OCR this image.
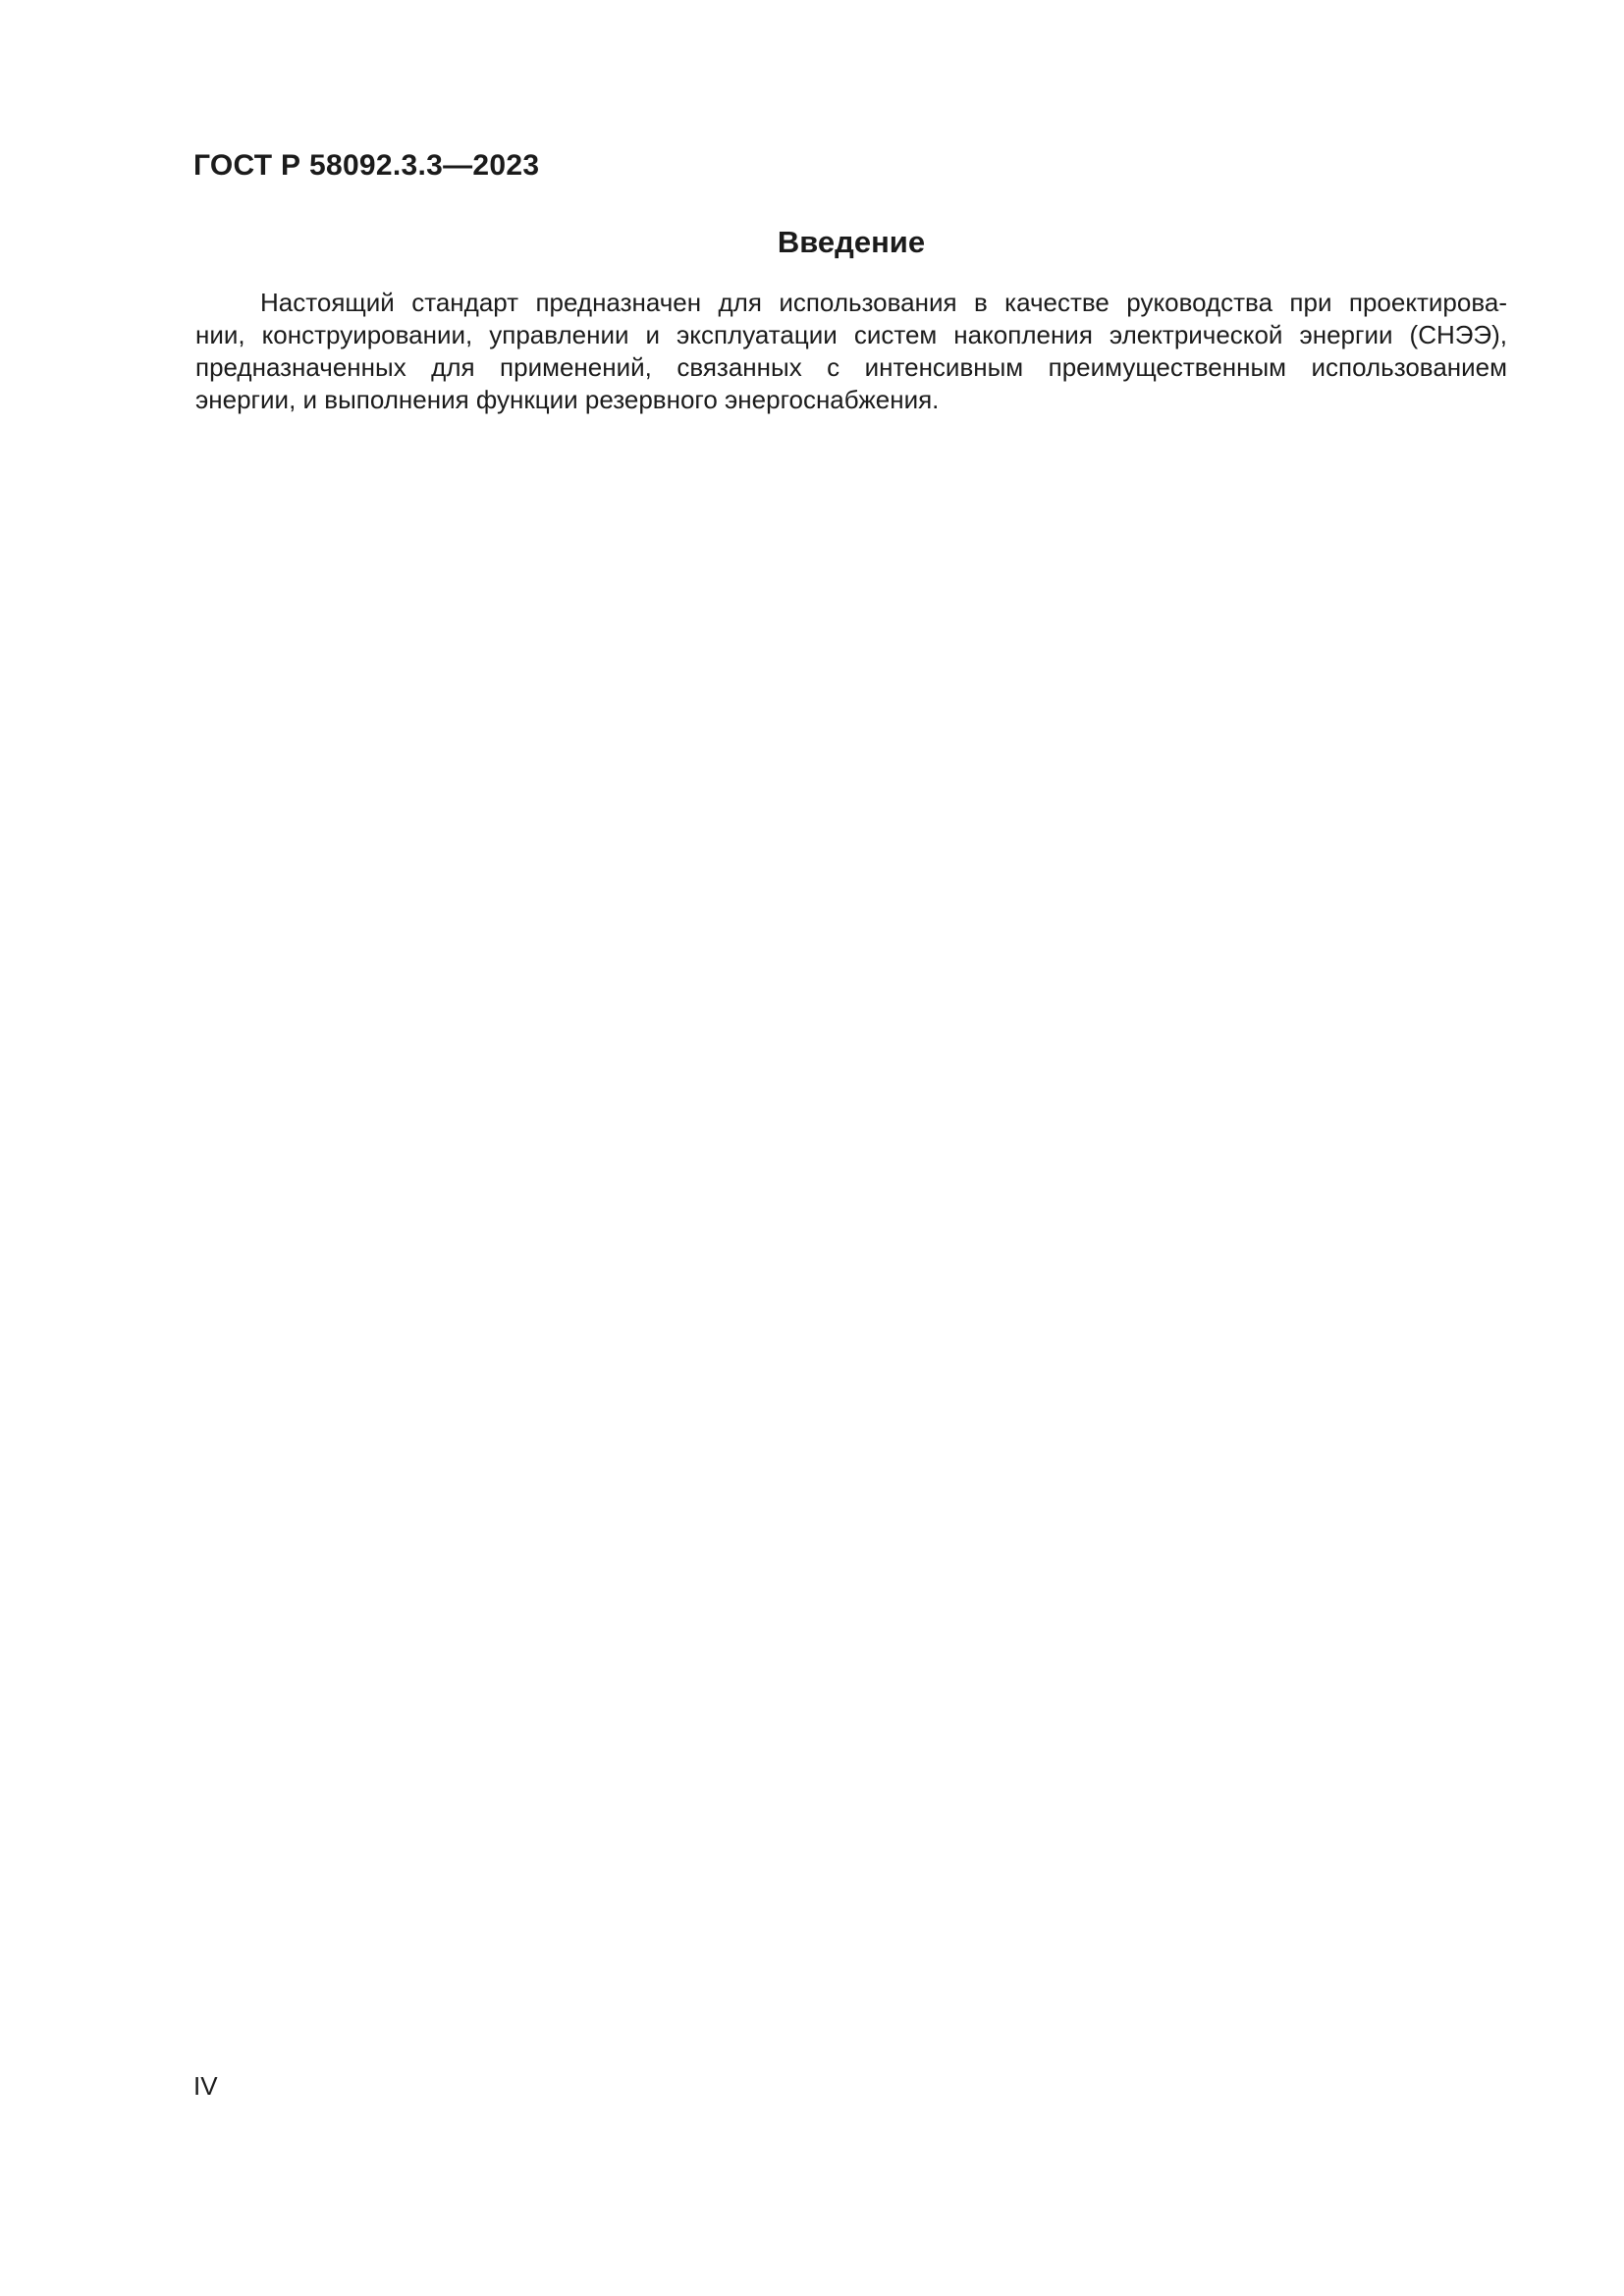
ГОСТ Р 58092.3.3—2023
Введение
Настоящий стандарт предназначен для использования в качестве руководства при проектирова-
нии, конструировании, управлении и эксплуатации систем накопления электрической энергии (СНЭЭ),
предназначенных для применений, связанных с интенсивным преимущественным использованием
энергии, и выполнения функции резервного энергоснабжения.
IV
